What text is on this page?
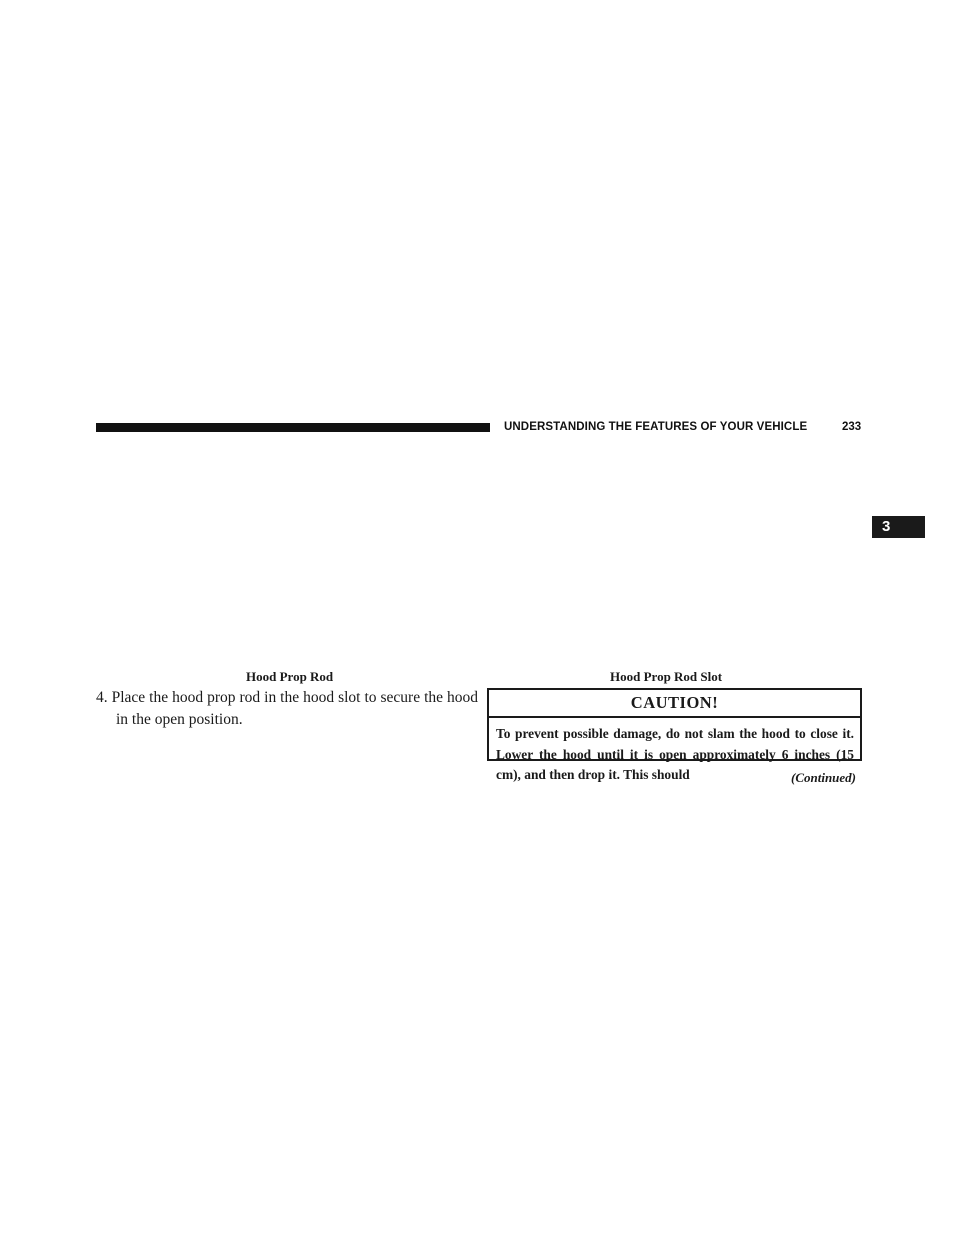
UNDERSTANDING THE FEATURES OF YOUR VEHICLE	233
3
Hood Prop Rod	Hood Prop Rod Slot
4. Place the hood prop rod in the hood slot to secure the hood in the open position.
CAUTION!
To prevent possible damage, do not slam the hood to close it. Lower the hood until it is open approximately 6 inches (15 cm), and then drop it. This should	(Continued)
